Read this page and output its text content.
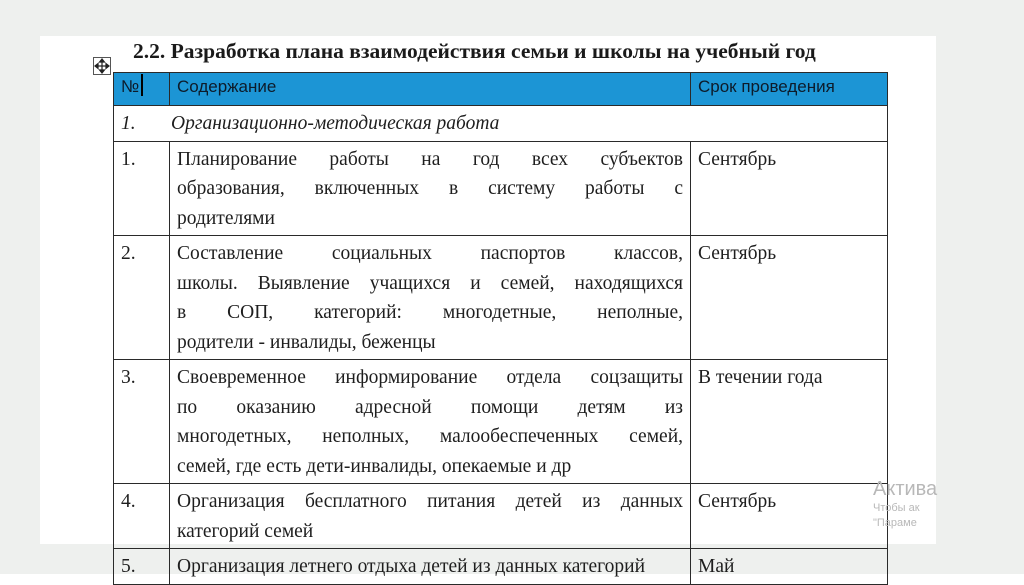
2.2. Разработка плана взаимодействия семьи и школы на учебный год
№	Содержание	Срок проведения
1. Организационно-методическая работа		
1.	Планирование работы на год всех субъектов
образования, включенных в систему работы с
родителями	Сентябрь
2.	Составление социальных паспортов классов,
школы. Выявление учащихся и семей, находящихся
в СОП, категорий: многодетные, неполные,
родители - инвалиды, беженцы	Сентябрь
3.	Своевременное информирование отдела соцзащиты
по оказанию адресной помощи детям из
многодетных, неполных, малообеспеченных семей,
семей, где есть дети-инвалиды, опекаемые и др	В течении года
4.	Организация бесплатного питания детей из данных
категорий семей	Сентябрь
5.	Организация летнего отдыха детей из данных категорий	Май
Актива
Чтобы ак
"Параме
